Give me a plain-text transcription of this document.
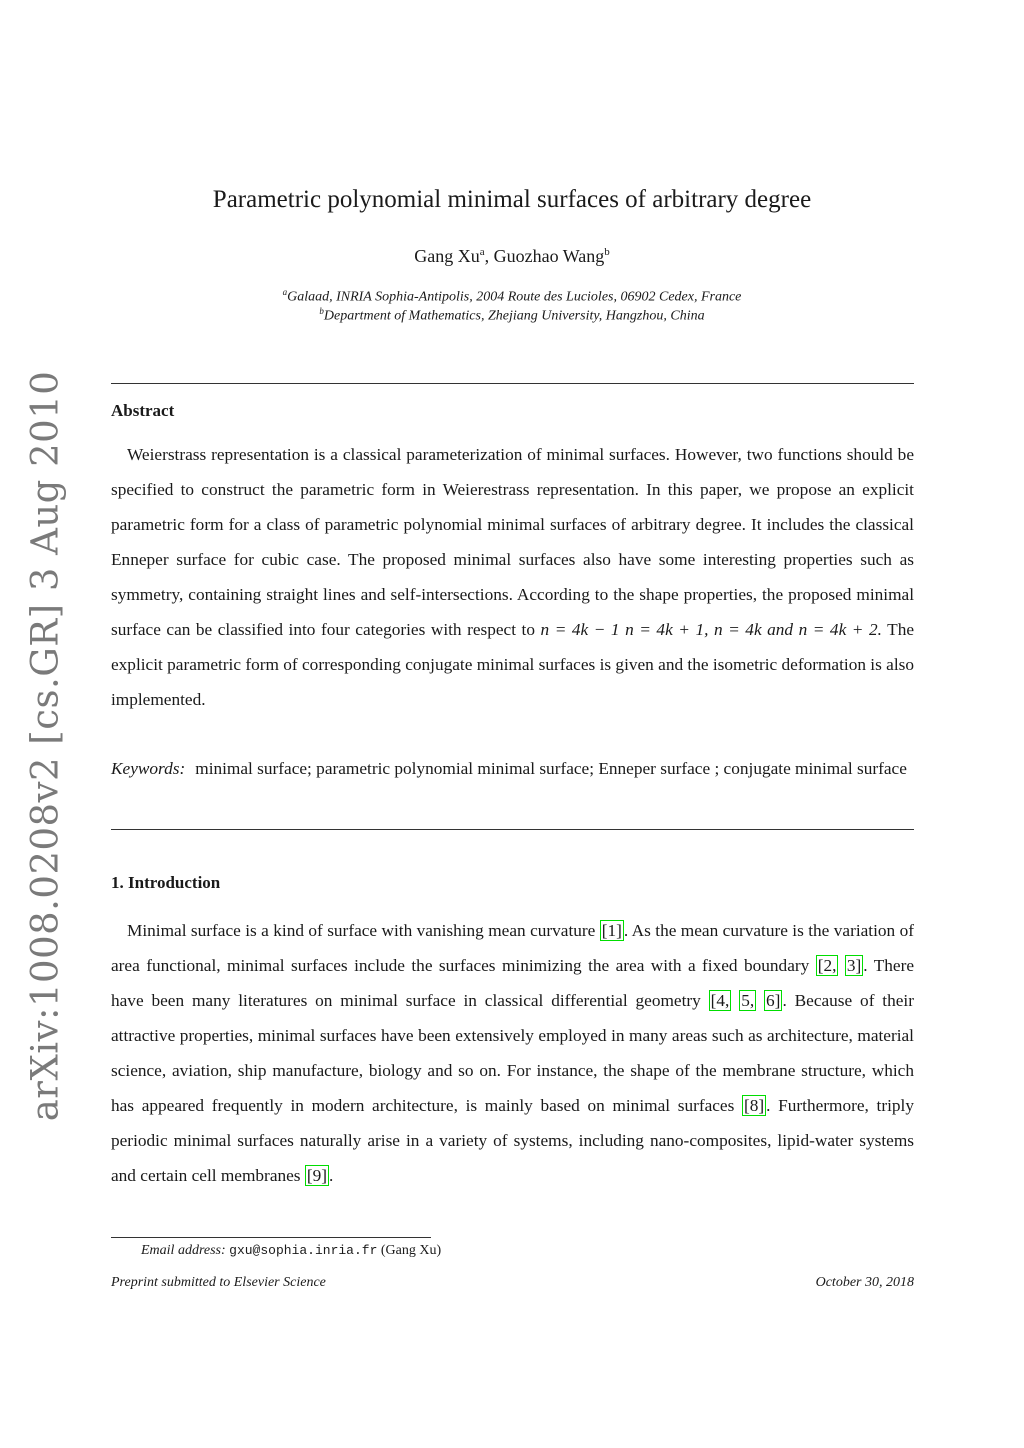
arXiv:1008.0208v2 [cs.GR] 3 Aug 2010
Parametric polynomial minimal surfaces of arbitrary degree
Gang Xu$^a$, Guozhao Wang$^b$
$^a$Galaad, INRIA Sophia-Antipolis, 2004 Route des Lucioles, 06902 Cedex, France
$^b$Department of Mathematics, Zhejiang University, Hangzhou, China
Abstract
Weierstrass representation is a classical parameterization of minimal surfaces. However, two functions should be specified to construct the parametric form in Weierestrass representation. In this paper, we propose an explicit parametric form for a class of parametric polynomial minimal surfaces of arbitrary degree. It includes the classical Enneper surface for cubic case. The proposed minimal surfaces also have some interesting properties such as symmetry, containing straight lines and self-intersections. According to the shape properties, the proposed minimal surface can be classified into four categories with respect to n = 4k − 1 n = 4k + 1, n = 4k and n = 4k + 2. The explicit parametric form of corresponding conjugate minimal surfaces is given and the isometric deformation is also implemented.
Keywords: minimal surface; parametric polynomial minimal surface; Enneper surface ; conjugate minimal surface
1. Introduction
Minimal surface is a kind of surface with vanishing mean curvature [1] . As the mean curvature is the variation of area functional, minimal surfaces include the surfaces minimizing the area with a fixed boundary [2, 3] . There have been many literatures on minimal surface in classical differential geometry [4, 5, 6] . Because of their attractive properties, minimal surfaces have been extensively employed in many areas such as architecture, material science, aviation, ship manufacture, biology and so on. For instance, the shape of the membrane structure, which has appeared frequently in modern architecture, is mainly based on minimal surfaces [8] . Furthermore, triply periodic minimal surfaces naturally arise in a variety of systems, including nano-composites, lipid-water systems and certain cell membranes [9] .
Email address: gxu@sophia.inria.fr (Gang Xu)
Preprint submitted to Elsevier Science	October 30, 2018
